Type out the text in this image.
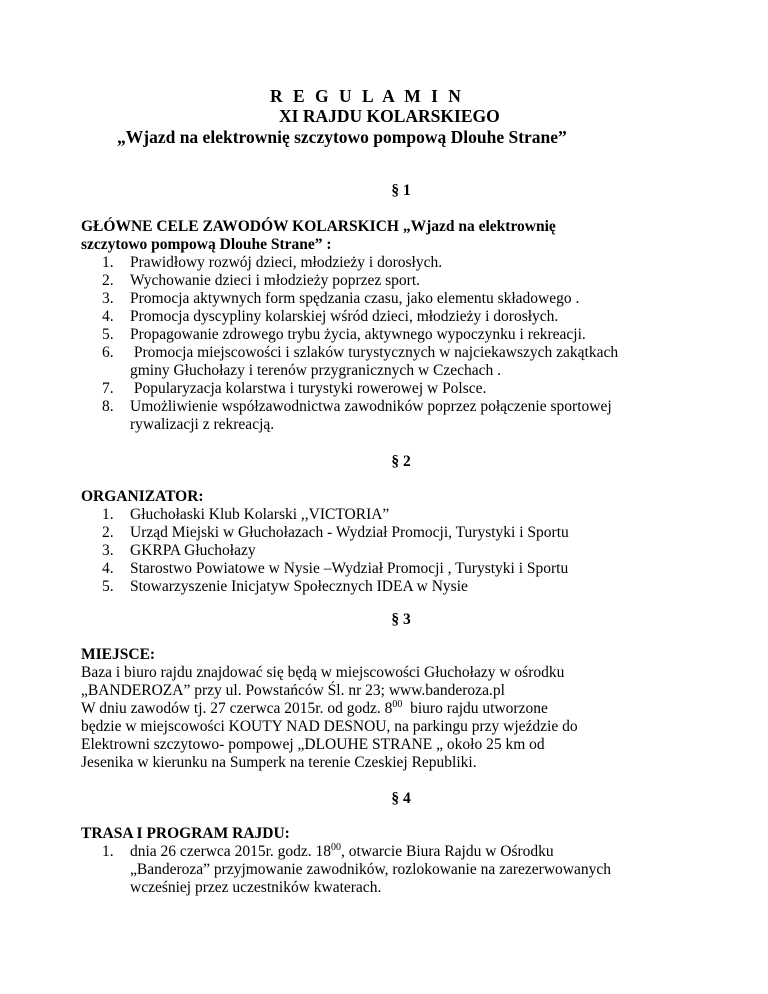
R E G U L A M I N
XI RAJDU KOLARSKIEGO
„Wjazd na elektrownię szczytowo pompową Dlouhe Strane”
§ 1
GŁÓWNE CELE ZAWODÓW KOLARSKICH „Wjazd na elektrownię
szczytowo pompową Dlouhe Strane” :
1. Prawidłowy rozwój dzieci, młodzieży i dorosłych.
2. Wychowanie dzieci i młodzieży poprzez sport.
3. Promocja aktywnych form spędzania czasu, jako elementu składowego .
4. Promocja dyscypliny kolarskiej wśród dzieci, młodzieży i dorosłych.
5. Propagowanie zdrowego trybu życia, aktywnego wypoczynku i rekreacji.
6. Promocja miejscowości i szlaków turystycznych w najciekawszych zakątkach
gminy Głuchołazy i terenów przygranicznych w Czechach .
7. Popularyzacja kolarstwa i turystyki rowerowej w Polsce.
8. Umożliwienie współzawodnictwa zawodników poprzez połączenie sportowej
rywalizacji z rekreacją.
§ 2
ORGANIZATOR:
1. Głuchołaski Klub Kolarski ,,VICTORIA”
2. Urząd Miejski w Głuchołazach - Wydział Promocji, Turystyki i Sportu
3. GKRPA Głuchołazy
4. Starostwo Powiatowe w Nysie –Wydział Promocji , Turystyki i Sportu
5. Stowarzyszenie Inicjatyw Społecznych IDEA w Nysie
§ 3
MIEJSCE:
Baza i biuro rajdu znajdować się będą w miejscowości Głuchołazy w ośrodku
„BANDEROZA” przy ul. Powstańców Śl. nr 23; www.banderoza.pl
W dniu zawodów tj. 27 czerwca 2015r. od godz. $8^{00}$  biuro rajdu utworzone
będzie w miejscowości KOUTY NAD DESNOU, na parkingu przy wjeździe do
Elektrowni szczytowo- pompowej „DLOUHE STRANE „ około 25 km od
Jesenika w kierunku na Sumperk na terenie Czeskiej Republiki.
§ 4
TRASA I PROGRAM RAJDU:
1. dnia 26 czerwca 2015r. godz. $18^{00}$, otwarcie Biura Rajdu w Ośrodku
„Banderoza” przyjmowanie zawodników, rozlokowanie na zarezerwowanych
wcześniej przez uczestników kwaterach.
